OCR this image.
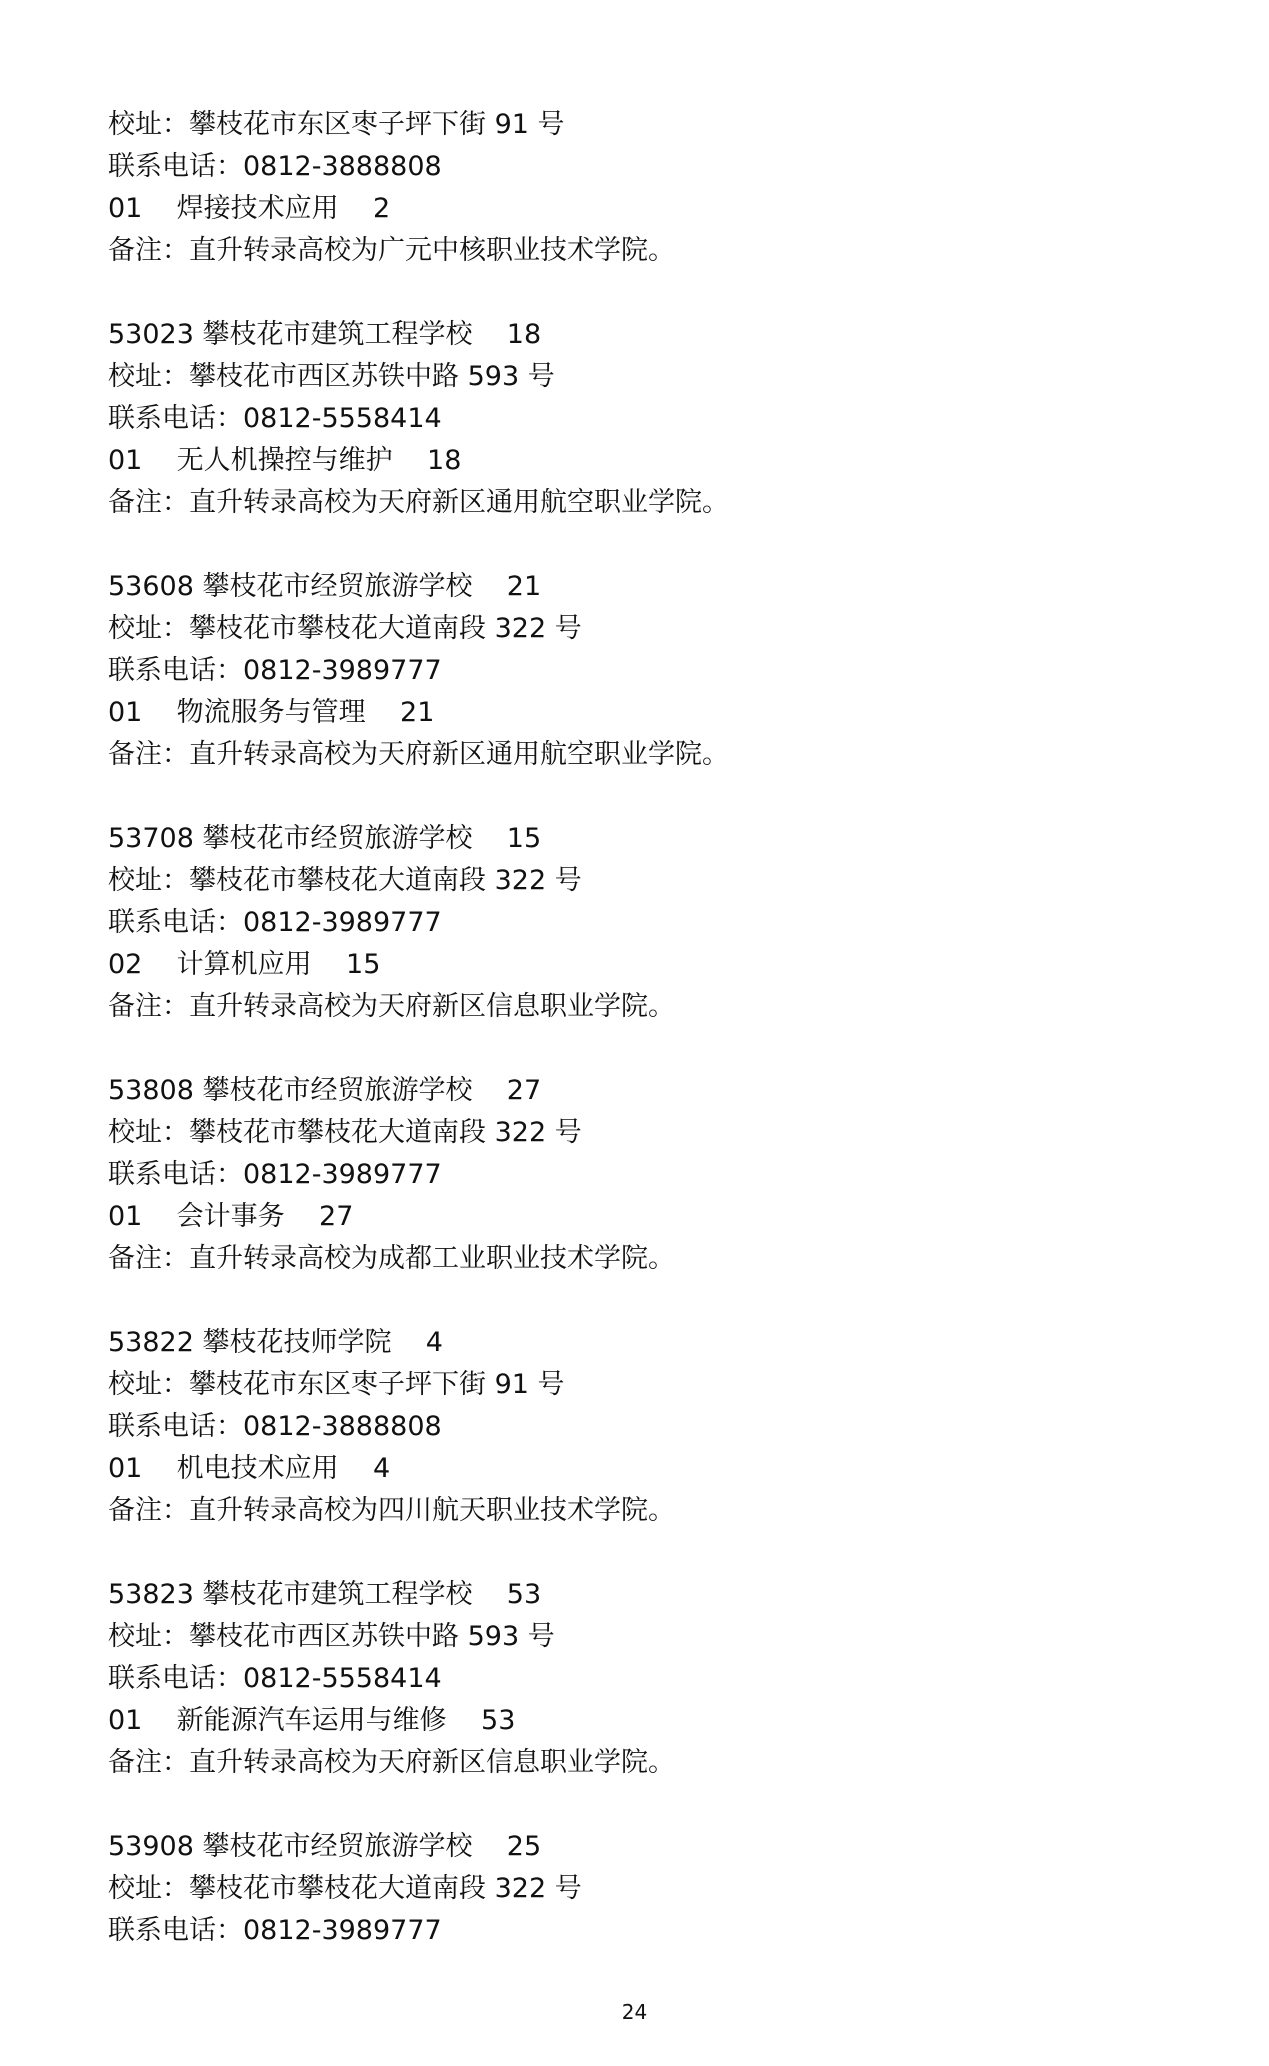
校址：攀枝花市东区枣子坪下街 91 号
联系电话：0812-3888808
01    焊接技术应用    2
备注：直升转录高校为广元中核职业技术学院。
53023 攀枝花市建筑工程学校    18
校址：攀枝花市西区苏铁中路 593 号
联系电话：0812-5558414
01    无人机操控与维护    18
备注：直升转录高校为天府新区通用航空职业学院。
53608 攀枝花市经贸旅游学校    21
校址：攀枝花市攀枝花大道南段 322 号
联系电话：0812-3989777
01    物流服务与管理    21
备注：直升转录高校为天府新区通用航空职业学院。
53708 攀枝花市经贸旅游学校    15
校址：攀枝花市攀枝花大道南段 322 号
联系电话：0812-3989777
02    计算机应用    15
备注：直升转录高校为天府新区信息职业学院。
53808 攀枝花市经贸旅游学校    27
校址：攀枝花市攀枝花大道南段 322 号
联系电话：0812-3989777
01    会计事务    27
备注：直升转录高校为成都工业职业技术学院。
53822 攀枝花技师学院    4
校址：攀枝花市东区枣子坪下街 91 号
联系电话：0812-3888808
01    机电技术应用    4
备注：直升转录高校为四川航天职业技术学院。
53823 攀枝花市建筑工程学校    53
校址：攀枝花市西区苏铁中路 593 号
联系电话：0812-5558414
01    新能源汽车运用与维修    53
备注：直升转录高校为天府新区信息职业学院。
53908 攀枝花市经贸旅游学校    25
校址：攀枝花市攀枝花大道南段 322 号
联系电话：0812-3989777
24
